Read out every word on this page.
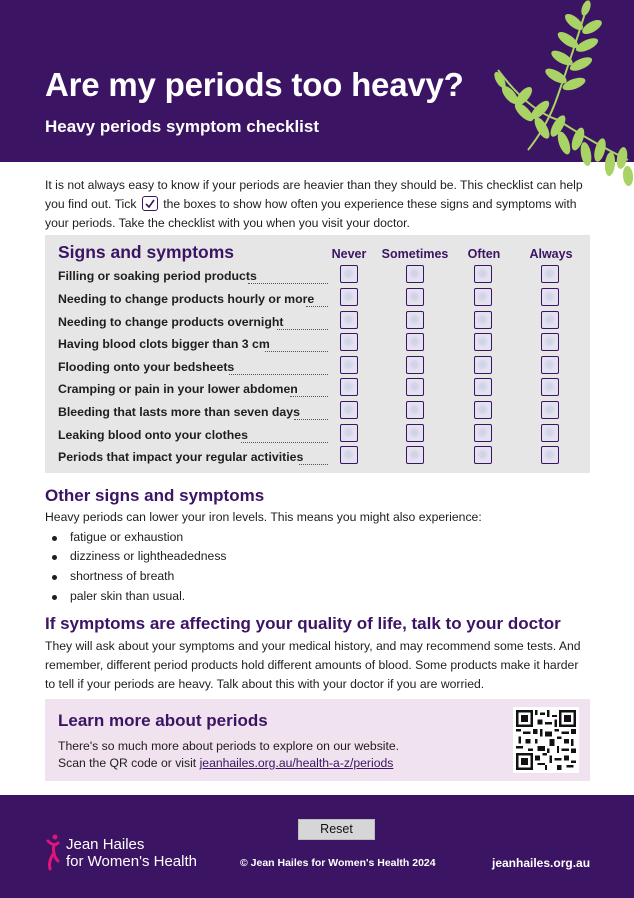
Are my periods too heavy?
Heavy periods symptom checklist
It is not always easy to know if your periods are heavier than they should be. This checklist can help you find out. Tick the boxes to show how often you experience these signs and symptoms with your periods. Take the checklist with you when you visit your doctor.
Signs and symptoms	Never Sometimes Often Always
Filling or soaking period products
Needing to change products hourly or more
Needing to change products overnight
Having blood clots bigger than 3 cm
Flooding onto your bedsheets
Cramping or pain in your lower abdomen
Bleeding that lasts more than seven days
Leaking blood onto your clothes
Periods that impact your regular activities
Other signs and symptoms
Heavy periods can lower your iron levels. This means you might also experience:
fatigue or exhaustion
dizziness or lightheadedness
shortness of breath
paler skin than usual.
If symptoms are affecting your quality of life, talk to your doctor
They will ask about your symptoms and your medical history, and may recommend some tests. And remember, different period products hold different amounts of blood. Some products make it harder to tell if your periods are heavy. Talk about this with your doctor if you are worried.
Learn more about periods
There's so much more about periods to explore on our website.
Scan the QR code or visit jeanhailes.org.au/health-a-z/periods
Reset
Jean Hailes
for Women's Health	© Jean Hailes for Women's Health 2024	jeanhailes.org.au
